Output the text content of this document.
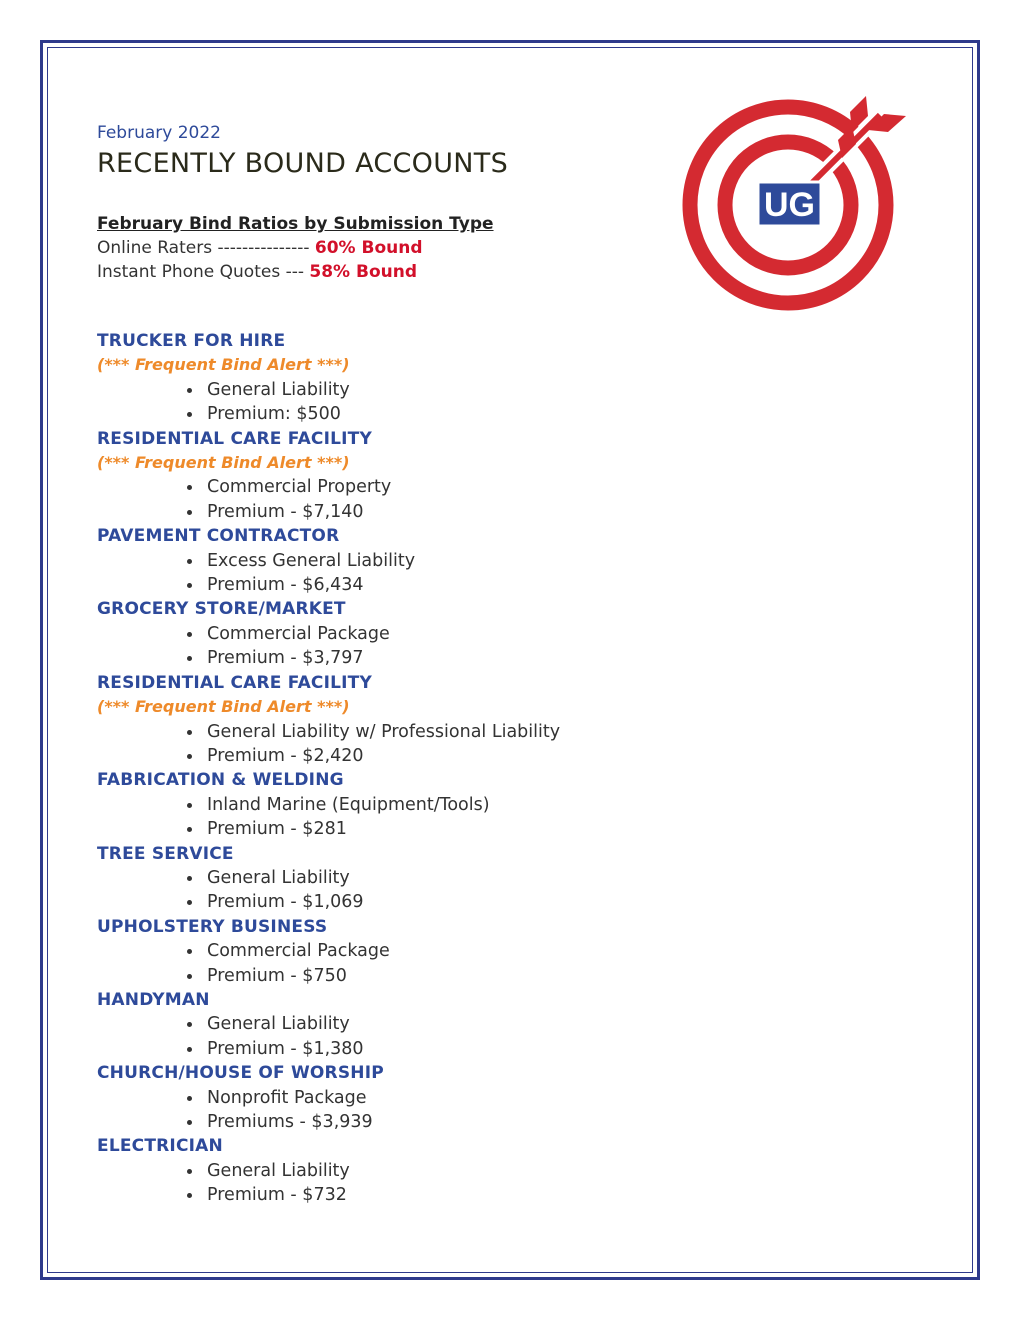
February 2022
RECENTLY BOUND ACCOUNTS
February Bind Ratios by Submission Type
Online Raters --------------- 60% Bound
Instant Phone Quotes --- 58% Bound
UG
TRUCKER FOR HIRE
(*** Frequent Bind Alert ***)
General Liability
Premium: $500
RESIDENTIAL CARE FACILITY
(*** Frequent Bind Alert ***)
Commercial Property
Premium - $7,140
PAVEMENT CONTRACTOR
Excess General Liability
Premium - $6,434
GROCERY STORE/MARKET
Commercial Package
Premium - $3,797
RESIDENTIAL CARE FACILITY
(*** Frequent Bind Alert ***)
General Liability w/ Professional Liability
Premium - $2,420
FABRICATION & WELDING
Inland Marine (Equipment/Tools)
Premium - $281
TREE SERVICE
General Liability
Premium - $1,069
UPHOLSTERY BUSINESS
Commercial Package
Premium - $750
HANDYMAN
General Liability
Premium - $1,380
CHURCH/HOUSE OF WORSHIP
Nonprofit Package
Premiums - $3,939
ELECTRICIAN
General Liability
Premium - $732
